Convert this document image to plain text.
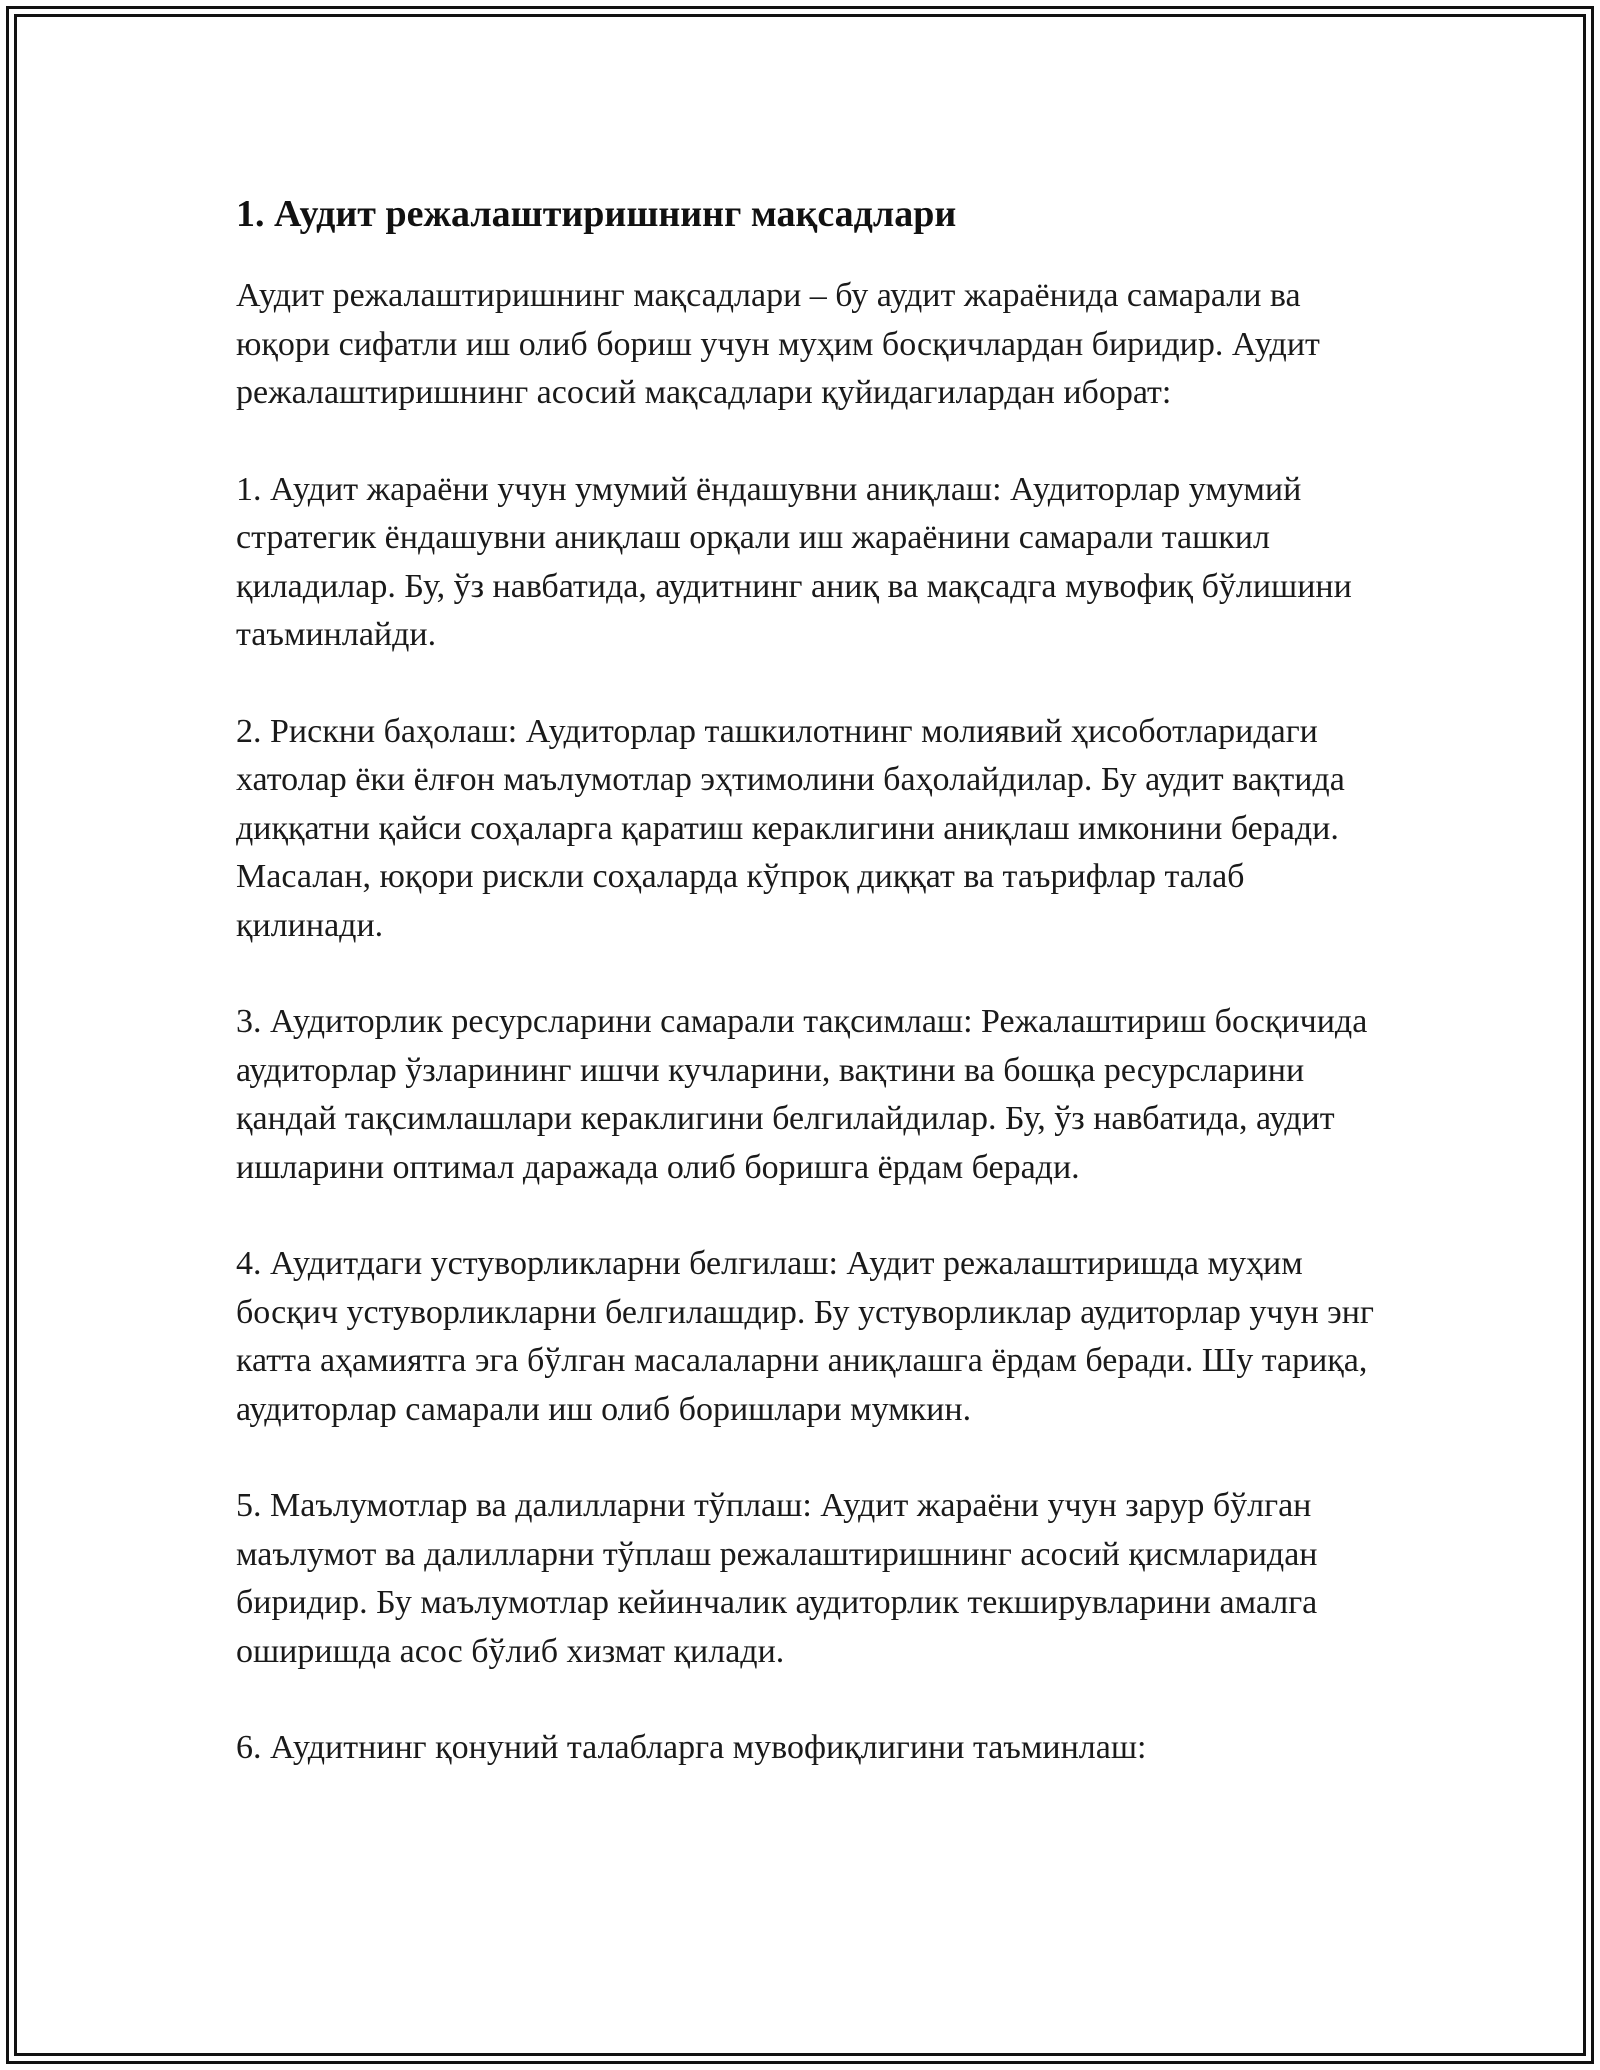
1. Аудит режалаштиришнинг мақсадлари

Аудит режалаштиришнинг мақсадлари – бу аудит жараёнида самарали ва юқори сифатли иш олиб бориш учун муҳим босқичлардан биридир. Аудит режалаштиришнинг асосий мақсадлари қуйидагилардан иборат:

1. Аудит жараёни учун умумий ёндашувни аниқлаш: Аудиторлар умумий стратегик ёндашувни аниқлаш орқали иш жараёнини самарали ташкил қиладилар. Бу, ўз навбатида, аудитнинг аниқ ва мақсадга мувофиқ бўлишини таъминлайди.

2. Рискни баҳолаш: Аудиторлар ташкилотнинг молиявий ҳисоботларидаги хатолар ёки ёлғон маълумотлар эҳтимолини баҳолайдилар. Бу аудит вақтида диққатни қайси соҳаларга қаратиш кераклигини аниқлаш имконини беради. Масалан, юқори рискли соҳаларда кўпроқ диққат ва таърифлар талаб қилинади.

3. Аудиторлик ресурсларини самарали тақсимлаш: Режалаштириш босқичида аудиторлар ўзларининг ишчи кучларини, вақтини ва бошқа ресурсларини қандай тақсимлашлари кераклигини белгилайдилар. Бу, ўз навбатида, аудит ишларини оптимал даражада олиб боришга ёрдам беради.

4. Аудитдаги устуворликларни белгилаш: Аудит режалаштиришда муҳим босқич устуворликларни белгилашдир. Бу устуворликлар аудиторлар учун энг катта аҳамиятга эга бўлган масалаларни аниқлашга ёрдам беради. Шу тариқа, аудиторлар самарали иш олиб боришлари мумкин.

5. Маълумотлар ва далилларни тўплаш: Аудит жараёни учун зарур бўлган маълумот ва далилларни тўплаш режалаштиришнинг асосий қисмларидан биридир. Бу маълумотлар кейинчалик аудиторлик текширувларини амалга оширишда асос бўлиб хизмат қилади.

6. Аудитнинг қонуний талабларга мувофиқлигини таъминлаш:
